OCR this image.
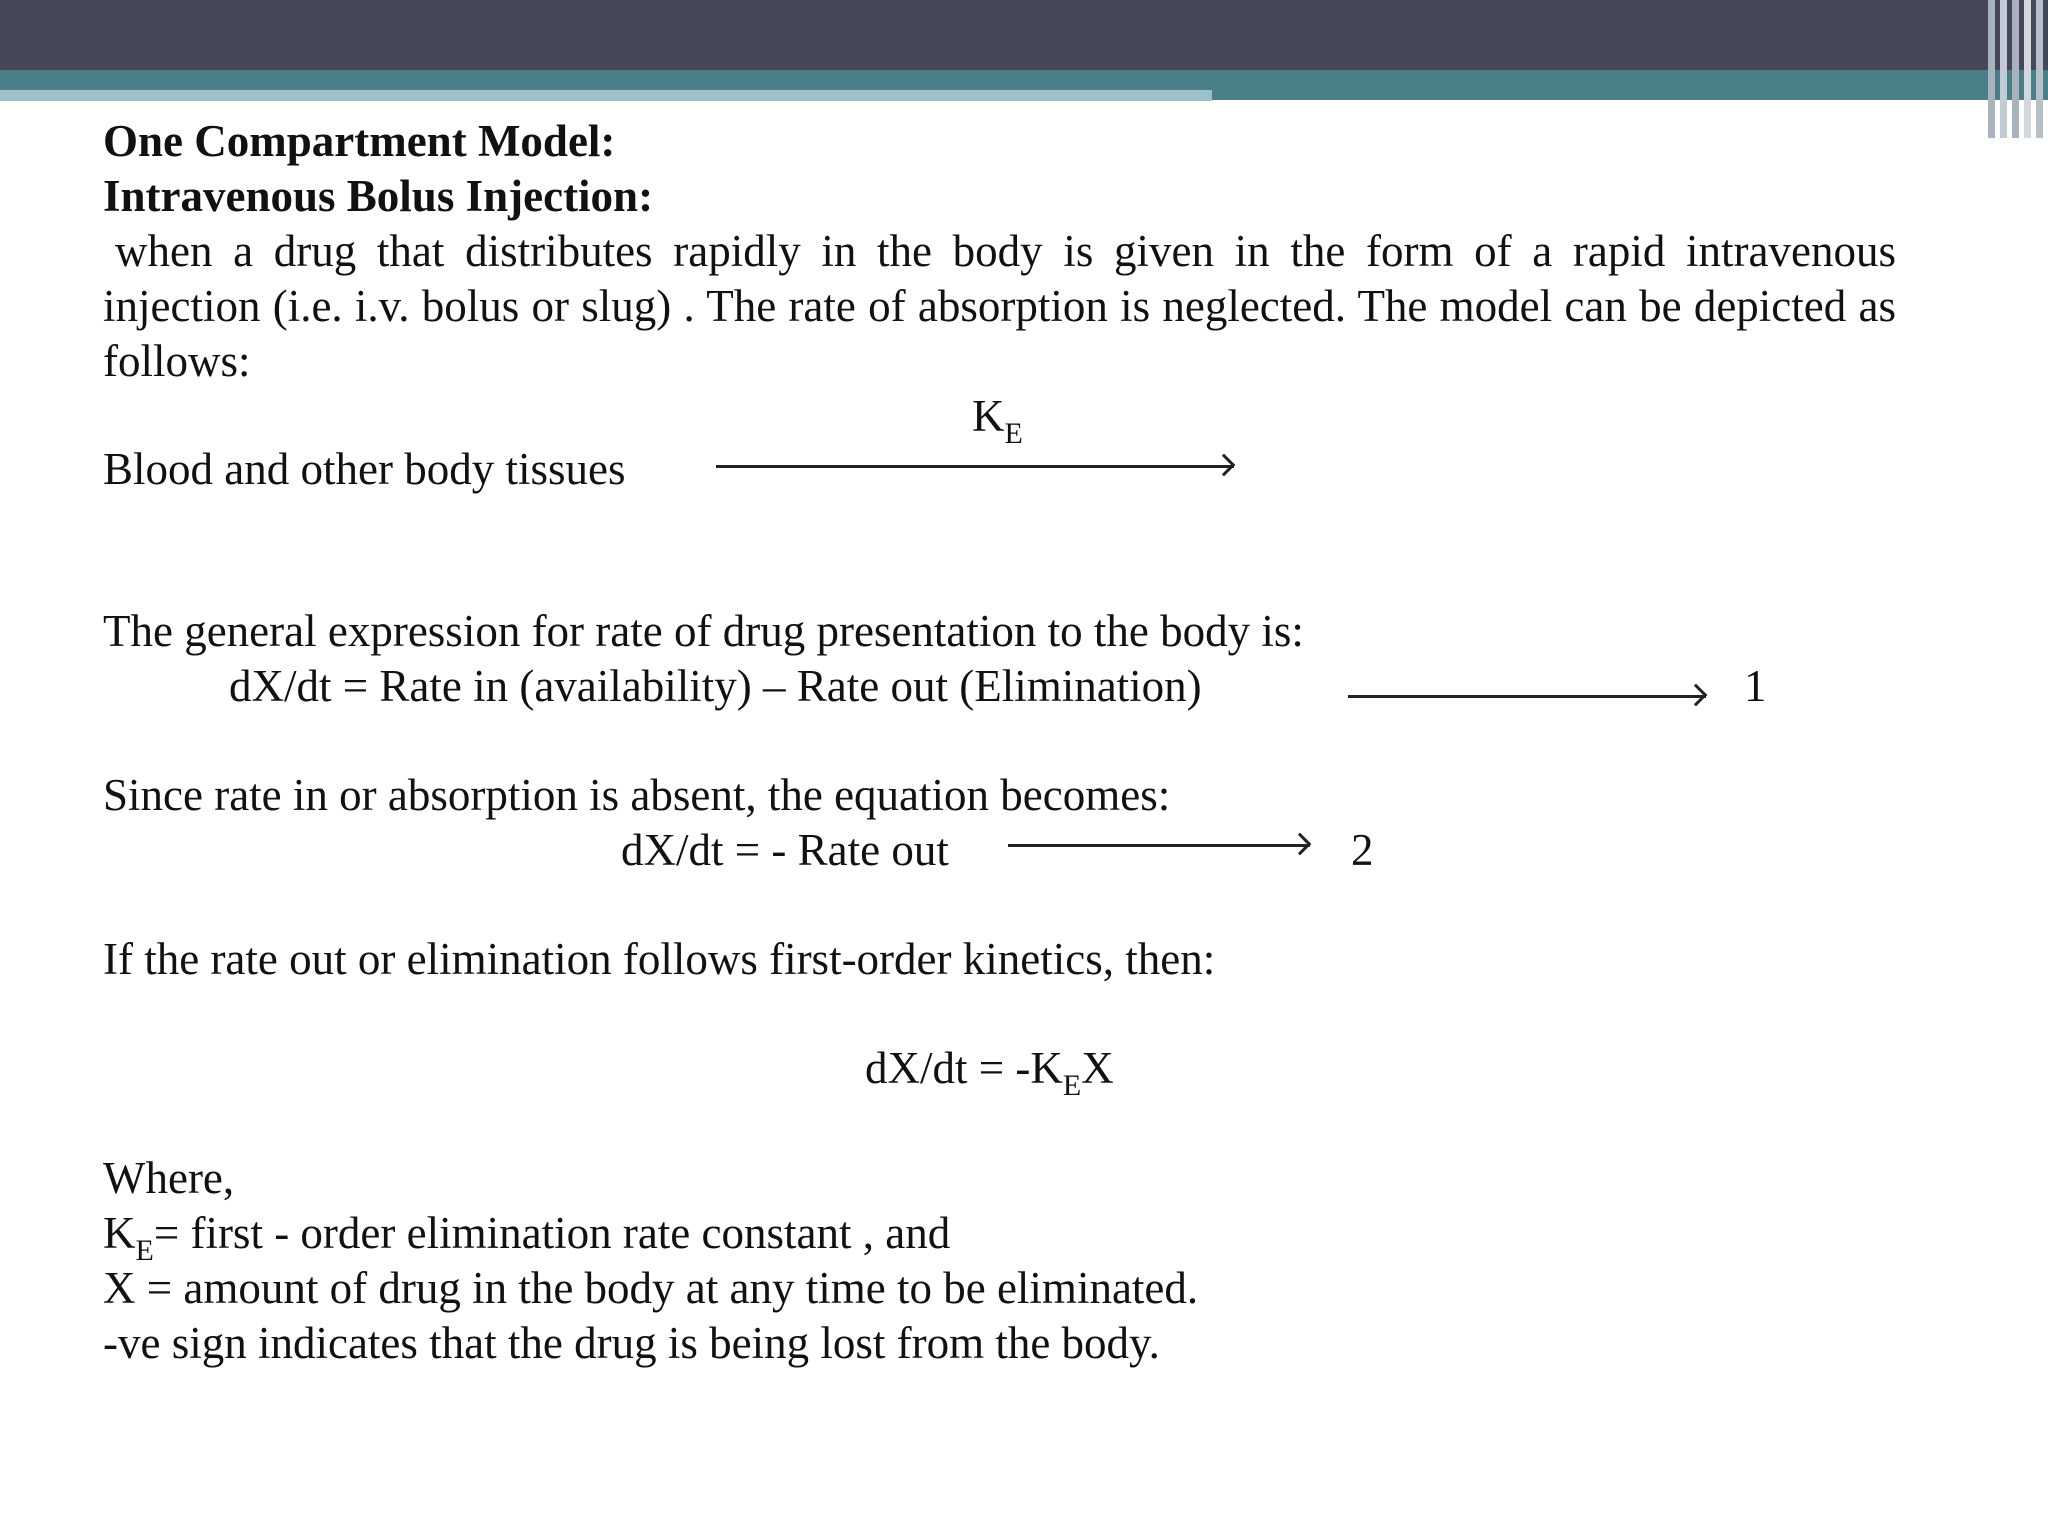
One Compartment Model:

Intravenous Bolus Injection:

when a drug that distributes rapidly in the body is given in the form of a rapid intravenous injection (i.e. i.v. bolus or slug) . The rate of absorption is neglected. The model can be depicted as follows:

$K_E$

Blood and other body tissues

The general expression for rate of drug presentation to the body is:

dX/dt = Rate in (availability) – Rate out (Elimination)	1

Since rate in or absorption is absent, the equation becomes:

dX/dt = - Rate out	2

If the rate out or elimination follows first-order kinetics, then:

$dX/dt = -K_EX$

Where,

$K_E=$ first - order elimination rate constant , and

X = amount of drug in the body at any time to be eliminated.

-ve sign indicates that the drug is being lost from the body.
